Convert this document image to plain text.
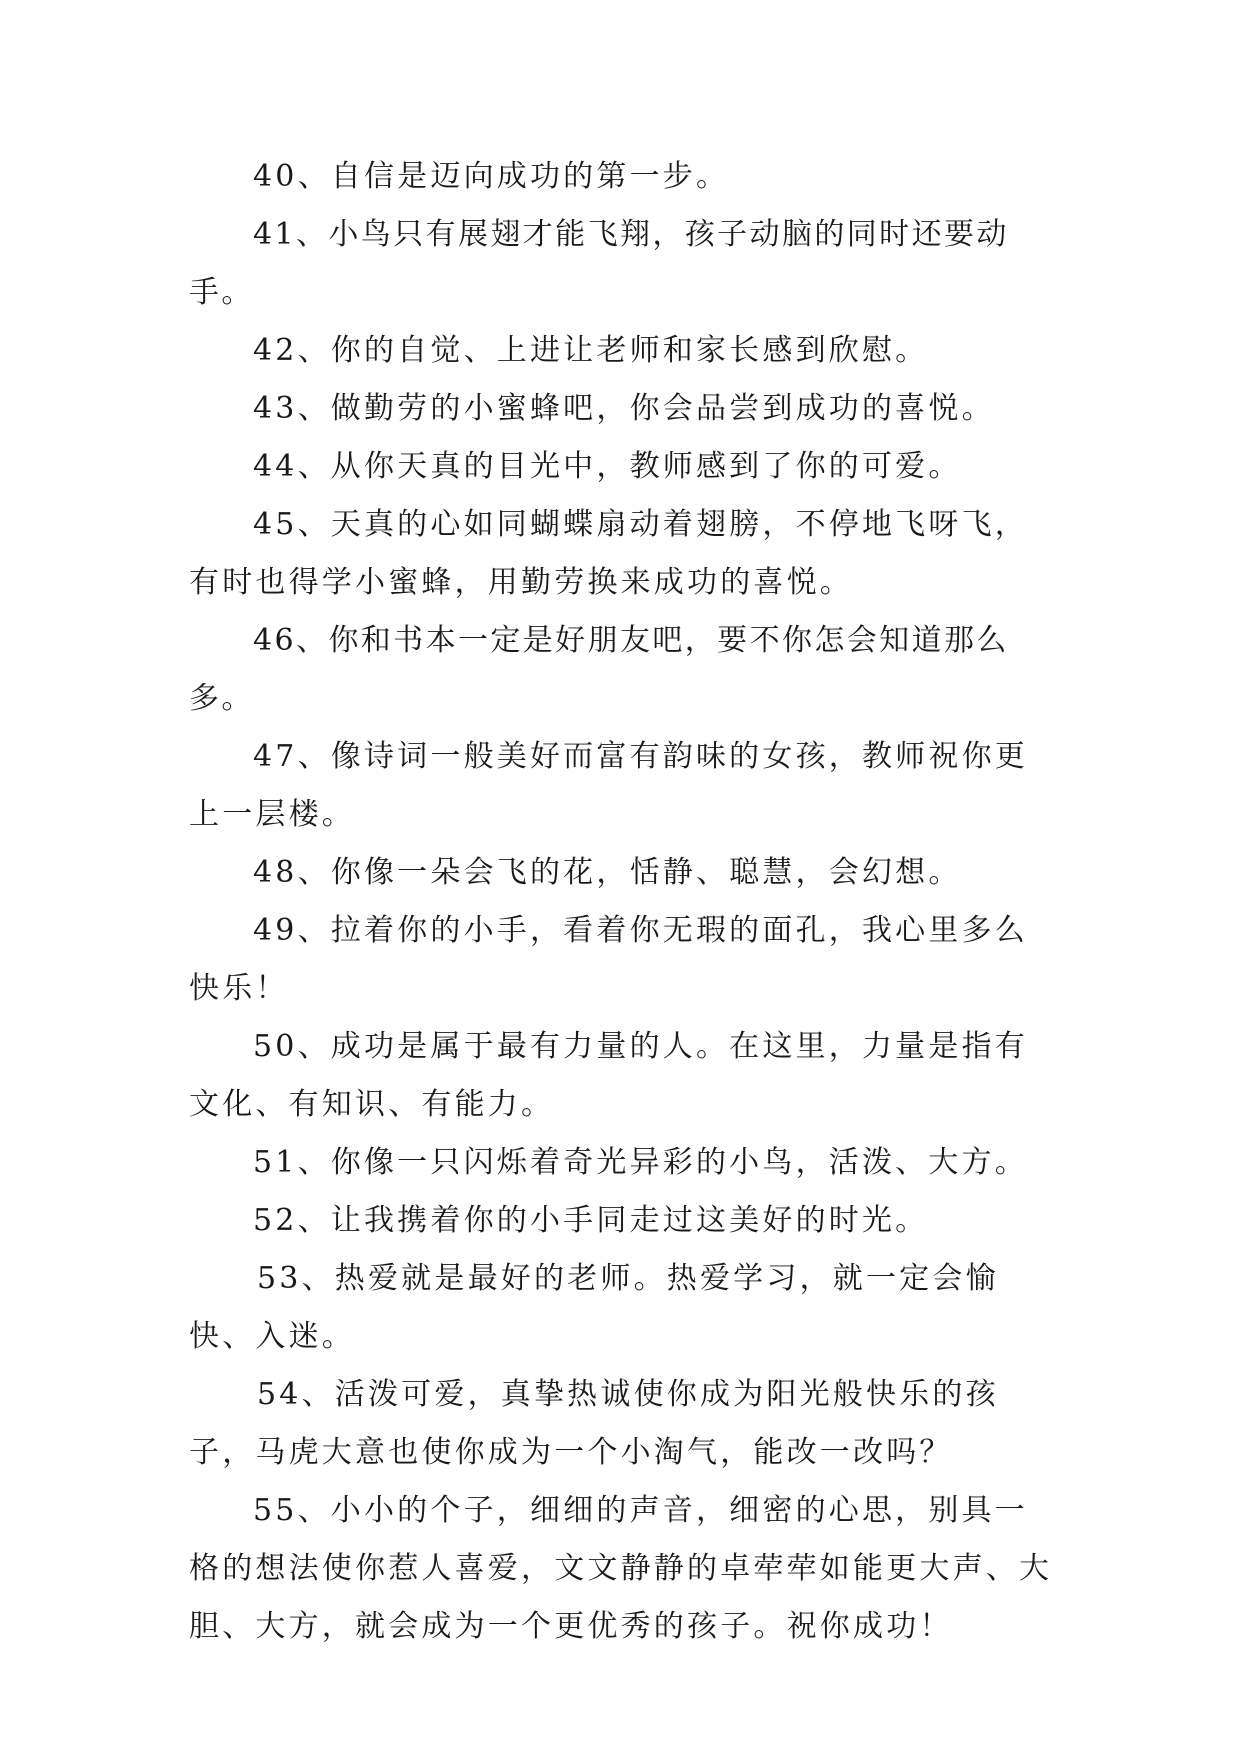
40、自信是迈向成功的第一步。

41、小鸟只有展翅才能飞翔，孩子动脑的同时还要动手。

42、你的自觉、上进让老师和家长感到欣慰。

43、做勤劳的小蜜蜂吧，你会品尝到成功的喜悦。

44、从你天真的目光中，教师感到了你的可爱。

45、天真的心如同蝴蝶扇动着翅膀，不停地飞呀飞，有时也得学小蜜蜂，用勤劳换来成功的喜悦。

46、你和书本一定是好朋友吧，要不你怎会知道那么多。

47、像诗词一般美好而富有韵味的女孩，教师祝你更上一层楼。

48、你像一朵会飞的花，恬静、聪慧，会幻想。

49、拉着你的小手，看着你无瑕的面孔，我心里多么快乐！

50、成功是属于最有力量的人。在这里，力量是指有文化、有知识、有能力。

51、你像一只闪烁着奇光异彩的小鸟，活泼、大方。

52、让我携着你的小手同走过这美好的时光。

53、热爱就是最好的老师。热爱学习，就一定会愉快、入迷。

54、活泼可爱，真挚热诚使你成为阳光般快乐的孩子，马虎大意也使你成为一个小淘气，能改一改吗？

55、小小的个子，细细的声音，细密的心思，别具一格的想法使你惹人喜爱，文文静静的卓荦荦如能更大声、大胆、大方，就会成为一个更优秀的孩子。祝你成功！
